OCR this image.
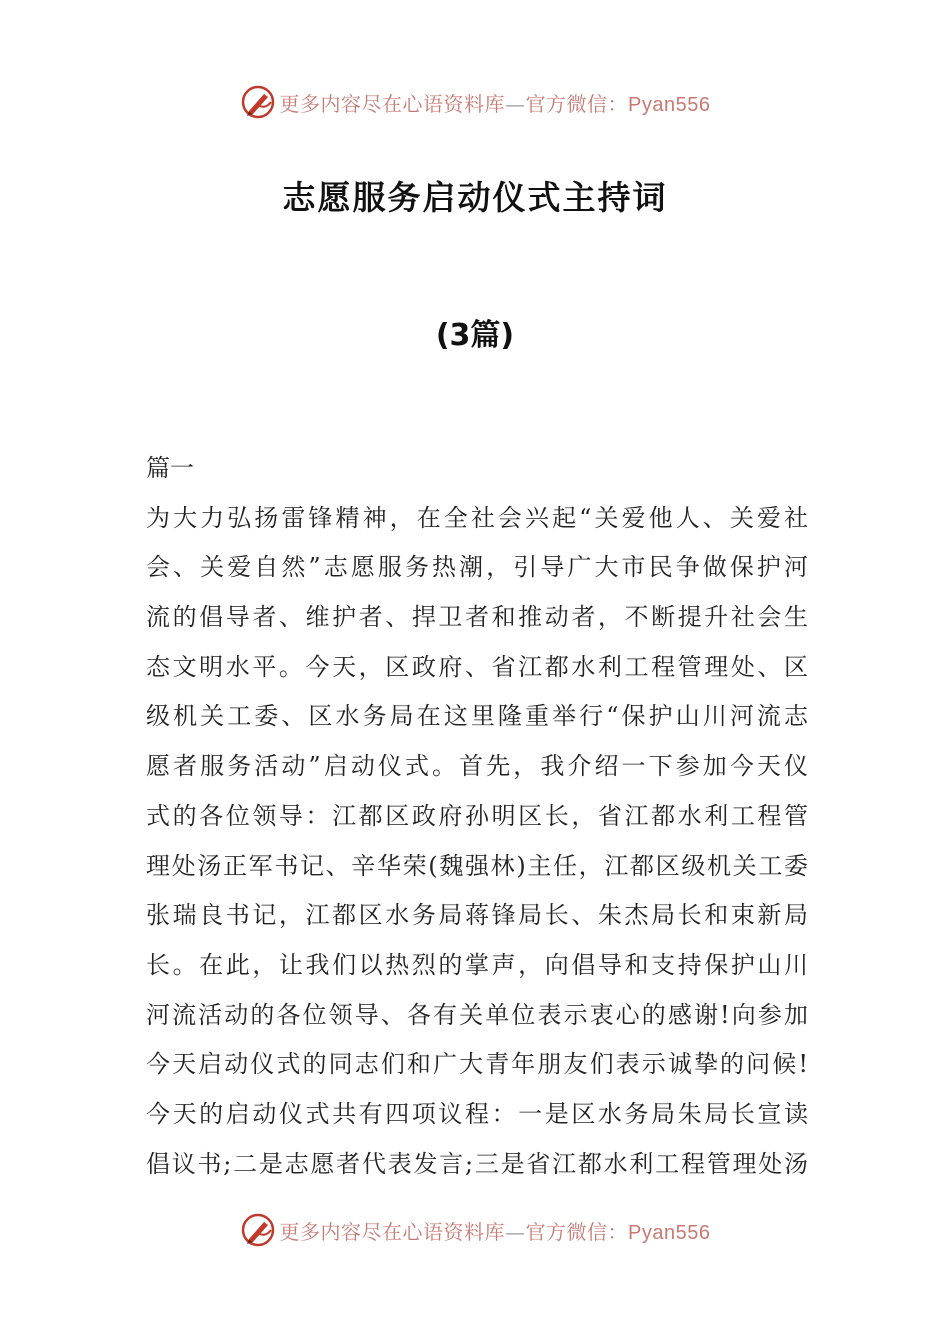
更多内容尽在心语资料库—官方微信：Pyan556
志愿服务启动仪式主持词
(3篇)
篇一
为大力弘扬雷锋精神，在全社会兴起“关爱他人、关爱社
会、关爱自然”志愿服务热潮，引导广大市民争做保护河
流的倡导者、维护者、捍卫者和推动者，不断提升社会生
态文明水平。今天，区政府、省江都水利工程管理处、区
级机关工委、区水务局在这里隆重举行“保护山川河流志
愿者服务活动”启动仪式。首先，我介绍一下参加今天仪
式的各位领导：江都区政府孙明区长，省江都水利工程管
理处汤正军书记、辛华荣(魏强林)主任，江都区级机关工委
张瑞良书记，江都区水务局蒋锋局长、朱杰局长和束新局
长。在此，让我们以热烈的掌声，向倡导和支持保护山川
河流活动的各位领导、各有关单位表示衷心的感谢!向参加
今天启动仪式的同志们和广大青年朋友们表示诚挚的问候!
今天的启动仪式共有四项议程：一是区水务局朱局长宣读
倡议书;二是志愿者代表发言;三是省江都水利工程管理处汤
更多内容尽在心语资料库—官方微信：Pyan556
